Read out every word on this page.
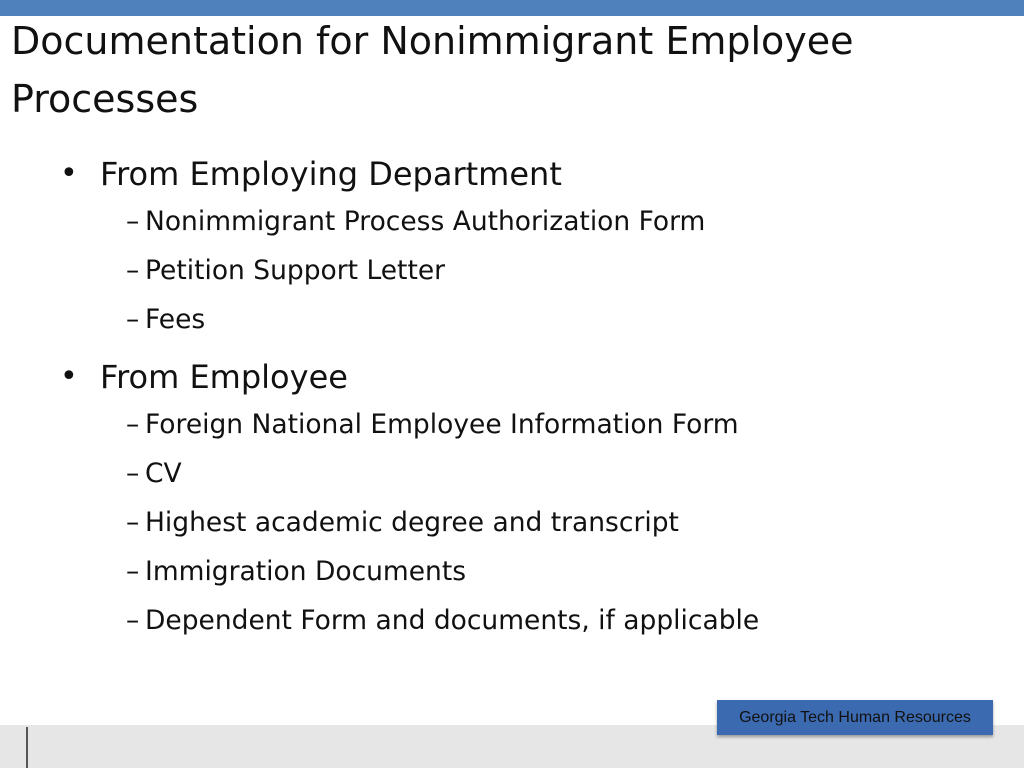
Documentation for Nonimmigrant Employee Processes
• From Employing Department
– Nonimmigrant Process Authorization Form
– Petition Support Letter
– Fees
• From Employee
– Foreign National Employee Information Form
– CV
– Highest academic degree and transcript
– Immigration Documents
– Dependent Form and documents, if applicable
Georgia Tech Human Resources
